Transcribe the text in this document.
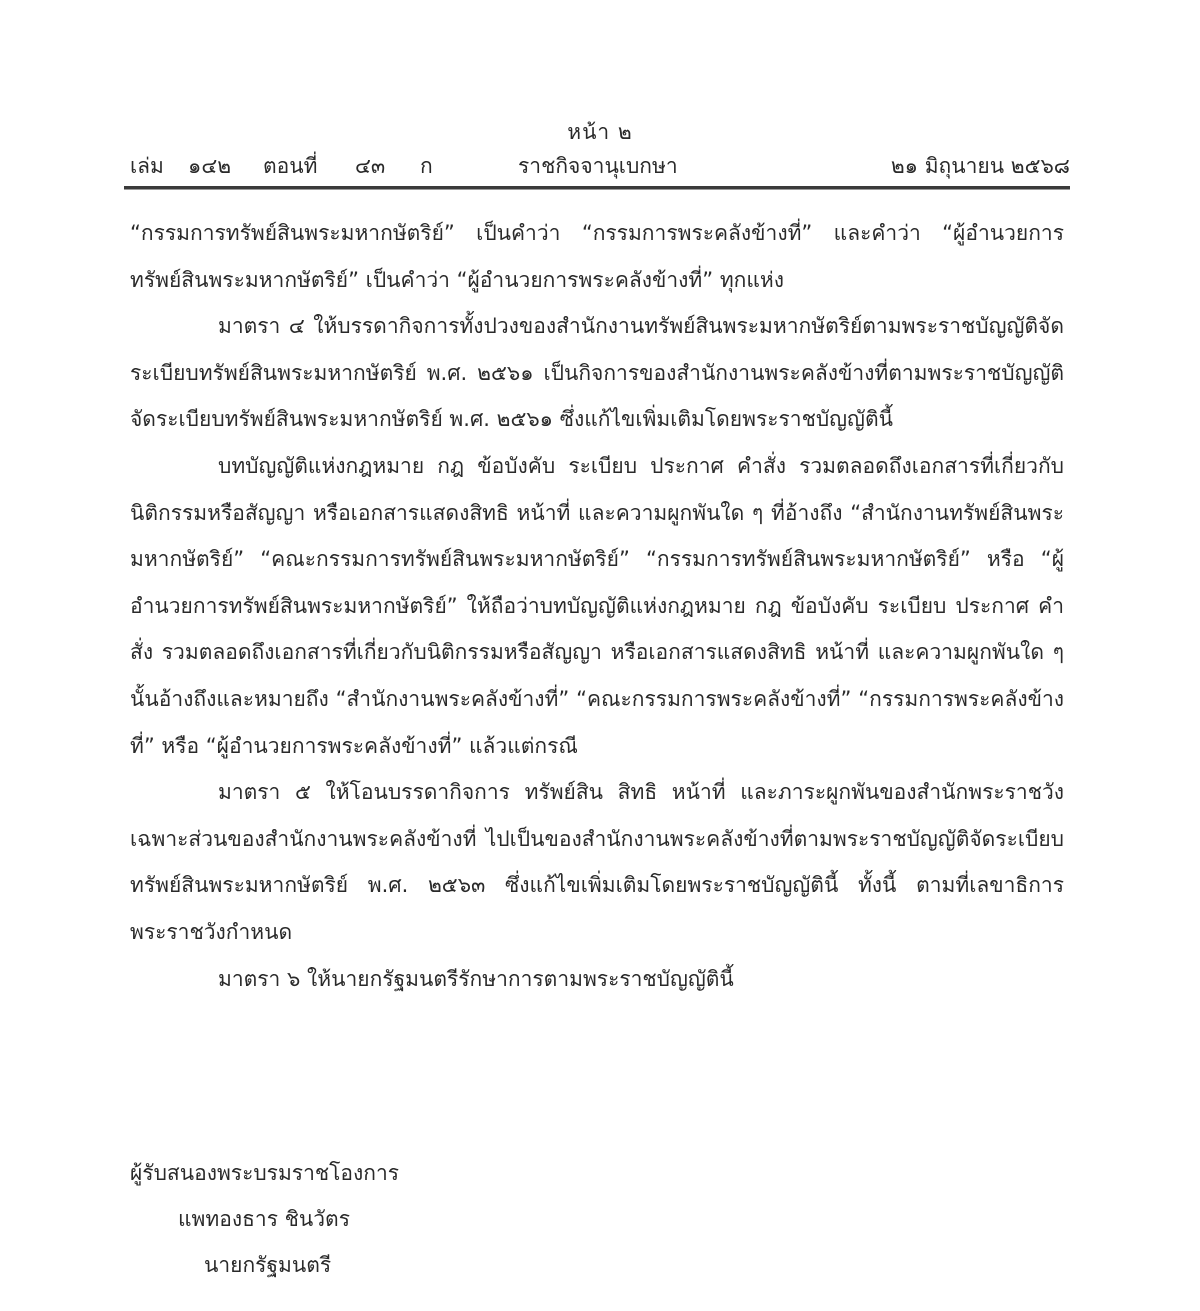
หน้า ๒
เล่ม ๑๔๒ ตอนที่ ๔๓ ก	ราชกิจจานุเบกษา	๒๑ มิถุนายน ๒๕๖๘

“กรรมการทรัพย์สินพระมหากษัตริย์” เป็นคำว่า “กรรมการพระคลังข้างที่” และคำว่า “ผู้อำนวยการทรัพย์สินพระมหากษัตริย์” เป็นคำว่า “ผู้อำนวยการพระคลังข้างที่” ทุกแห่ง

มาตรา ๔ ให้บรรดากิจการทั้งปวงของสำนักงานทรัพย์สินพระมหากษัตริย์ตามพระราชบัญญัติจัดระเบียบทรัพย์สินพระมหากษัตริย์ พ.ศ. ๒๕๖๑ เป็นกิจการของสำนักงานพระคลังข้างที่ตามพระราชบัญญัติจัดระเบียบทรัพย์สินพระมหากษัตริย์ พ.ศ. ๒๕๖๑ ซึ่งแก้ไขเพิ่มเติมโดยพระราชบัญญัตินี้

บทบัญญัติแห่งกฎหมาย กฎ ข้อบังคับ ระเบียบ ประกาศ คำสั่ง รวมตลอดถึงเอกสารที่เกี่ยวกับนิติกรรมหรือสัญญา หรือเอกสารแสดงสิทธิ หน้าที่ และความผูกพันใด ๆ ที่อ้างถึง “สำนักงานทรัพย์สินพระมหากษัตริย์” “คณะกรรมการทรัพย์สินพระมหากษัตริย์” “กรรมการทรัพย์สินพระมหากษัตริย์” หรือ “ผู้อำนวยการทรัพย์สินพระมหากษัตริย์” ให้ถือว่าบทบัญญัติแห่งกฎหมาย กฎ ข้อบังคับ ระเบียบ ประกาศ คำสั่ง รวมตลอดถึงเอกสารที่เกี่ยวกับนิติกรรมหรือสัญญา หรือเอกสารแสดงสิทธิ หน้าที่ และความผูกพันใด ๆ นั้นอ้างถึงและหมายถึง “สำนักงานพระคลังข้างที่” “คณะกรรมการพระคลังข้างที่” “กรรมการพระคลังข้างที่” หรือ “ผู้อำนวยการพระคลังข้างที่” แล้วแต่กรณี

มาตรา ๕ ให้โอนบรรดากิจการ ทรัพย์สิน สิทธิ หน้าที่ และภาระผูกพันของสำนักพระราชวังเฉพาะส่วนของสำนักงานพระคลังข้างที่ ไปเป็นของสำนักงานพระคลังข้างที่ตามพระราชบัญญัติจัดระเบียบทรัพย์สินพระมหากษัตริย์ พ.ศ. ๒๕๖๓ ซึ่งแก้ไขเพิ่มเติมโดยพระราชบัญญัตินี้ ทั้งนี้ ตามที่เลขาธิการพระราชวังกำหนด

มาตรา ๖ ให้นายกรัฐมนตรีรักษาการตามพระราชบัญญัตินี้

ผู้รับสนองพระบรมราชโองการ
แพทองธาร ชินวัตร
นายกรัฐมนตรี
